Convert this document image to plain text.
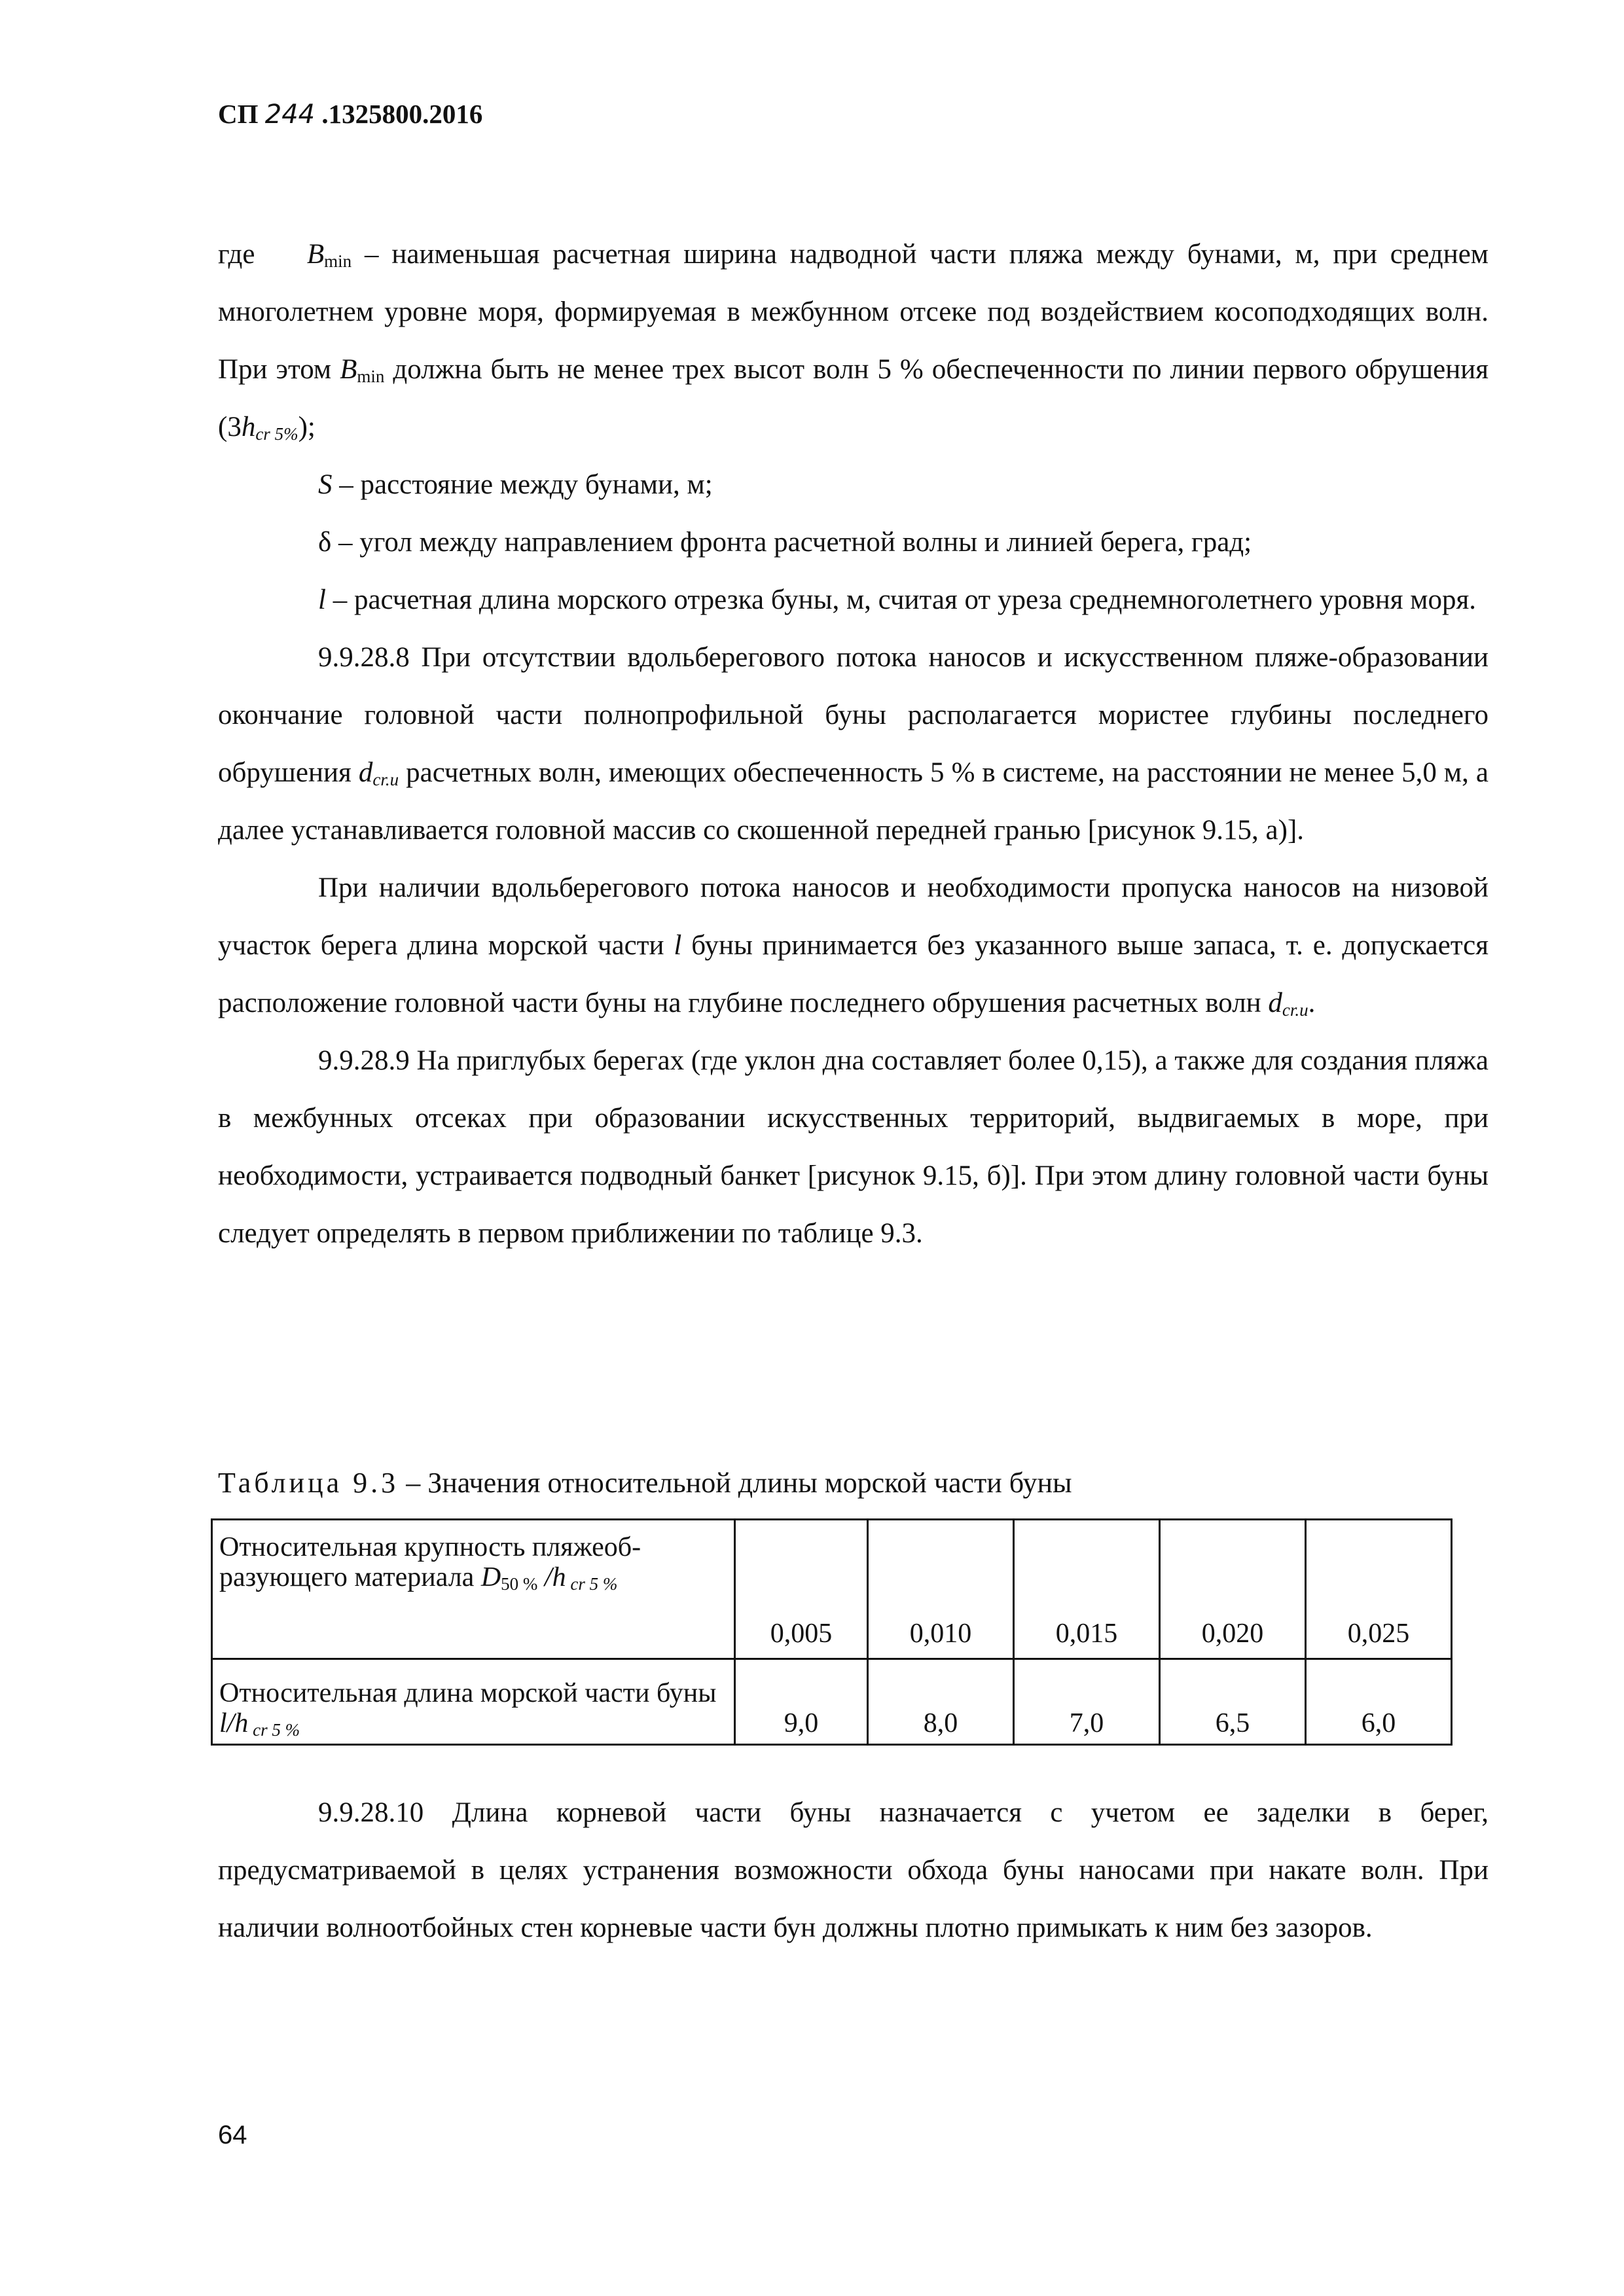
СП 244 .1325800.2016

где $B_{min}$ – наименьшая расчетная ширина надводной части пляжа между бунами, м, при среднем многолетнем уровне моря, формируемая в межбунном отсеке под воздействием косоподходящих волн. При этом $B_{min}$ должна быть не менее трех высот волн 5 % обеспеченности по линии первого обрушения $(3h_{cr 5\%})$;

S – расстояние между бунами, м;

δ – угол между направлением фронта расчетной волны и линией берега, град;

l – расчетная длина морского отрезка буны, м, считая от уреза среднемноголетнего уровня моря.

9.9.28.8 При отсутствии вдольберегового потока наносов и искусственном пляже-образовании окончание головной части полнопрофильной буны располагается мористее глубины последнего обрушения $d_{cr.u}$ расчетных волн, имеющих обеспеченность 5 % в системе, на расстоянии не менее 5,0 м, а далее устанавливается головной массив со скошенной передней гранью [рисунок 9.15, а)].

При наличии вдольберегового потока наносов и необходимости пропуска наносов на низовой участок берега длина морской части l буны принимается без указанного выше запаса, т. е. допускается расположение головной части буны на глубине последнего обрушения расчетных волн $d_{cr.u}$.

9.9.28.9 На приглубых берегах (где уклон дна составляет более 0,15), а также для создания пляжа в межбунных отсеках при образовании искусственных территорий, выдвигаемых в море, при необходимости, устраивается подводный банкет [рисунок 9.15, б)]. При этом длину головной части буны следует определять в первом приближении по таблице 9.3.

Таблица 9.3 – Значения относительной длины морской части буны
Относительная крупность пляжеоб-разующего материала $D_{50 \%}$ /h $_{cr 5 \%}$	0,005	0,010	0,015	0,020	0,025
Относительная длина морской части буны l/h $_{cr 5 \%}$	9,0	8,0	7,0	6,5	6,0
9.9.28.10 Длина корневой части буны назначается с учетом ее заделки в берег, предусматриваемой в целях устранения возможности обхода буны наносами при накате волн. При наличии волноотбойных стен корневые части бун должны плотно примыкать к ним без зазоров.
64
